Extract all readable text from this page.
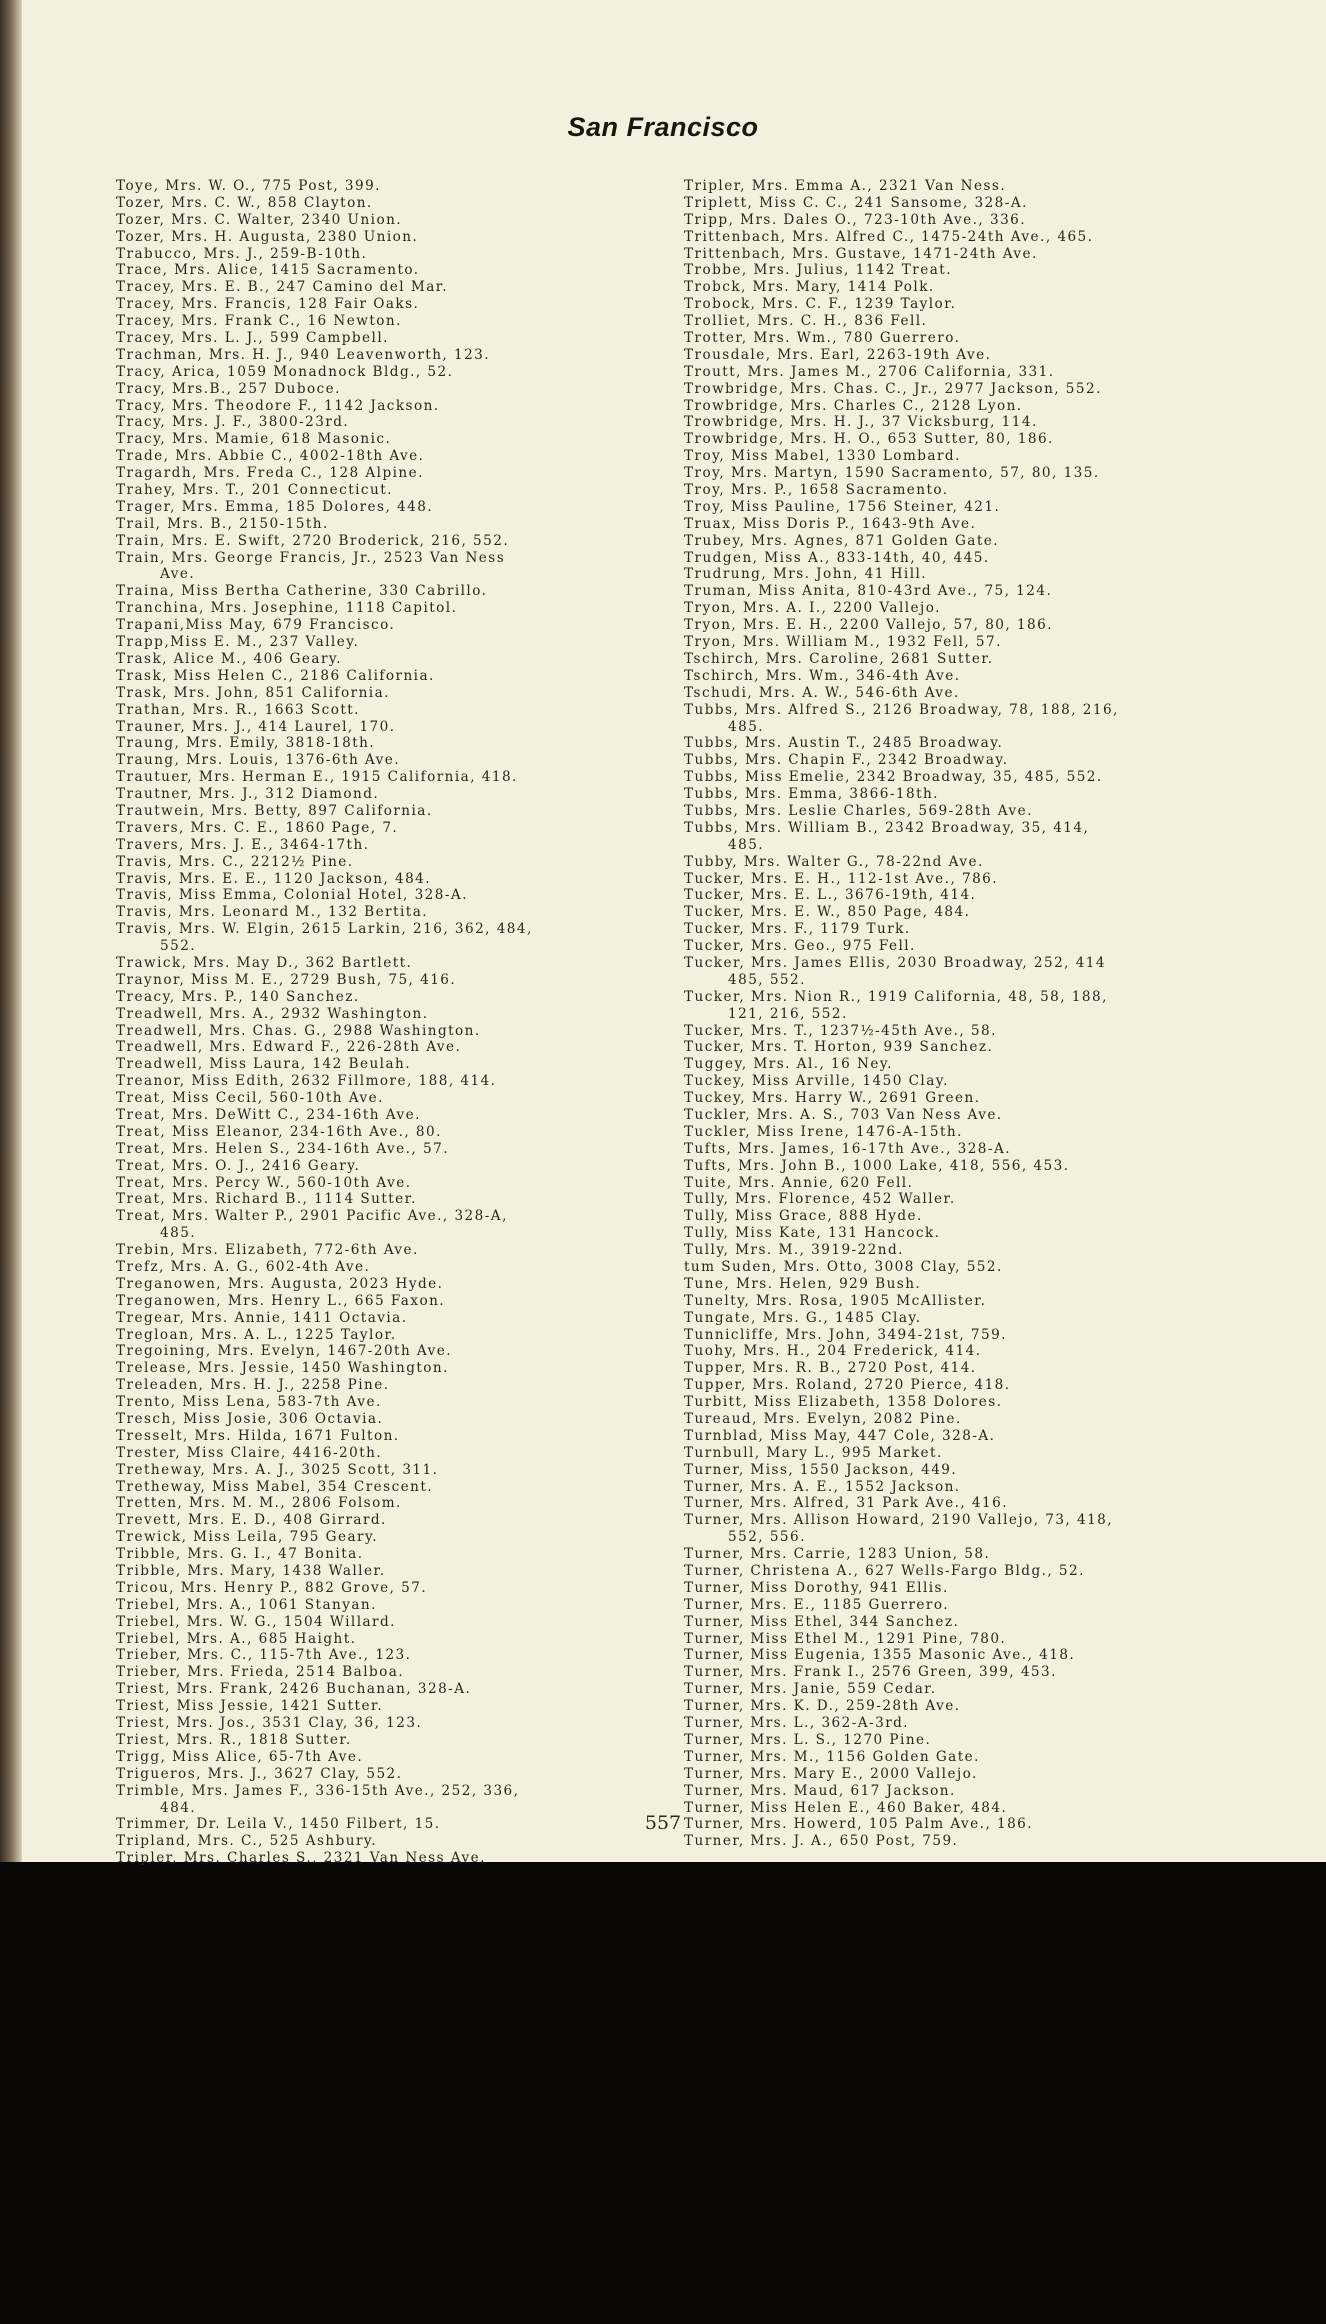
San Francisco
Toye, Mrs. W. O., 775 Post, 399.
Tozer, Mrs. C. W., 858 Clayton.
Tozer, Mrs. C. Walter, 2340 Union.
Tozer, Mrs. H. Augusta, 2380 Union.
Trabucco, Mrs. J., 259-B-10th.
Trace, Mrs. Alice, 1415 Sacramento.
Tracey, Mrs. E. B., 247 Camino del Mar.
Tracey, Mrs. Francis, 128 Fair Oaks.
Tracey, Mrs. Frank C., 16 Newton.
Tracey, Mrs. L. J., 599 Campbell.
Trachman, Mrs. H. J., 940 Leavenworth, 123.
Tracy, Arica, 1059 Monadnock Bldg., 52.
Tracy, Mrs.B., 257 Duboce.
Tracy, Mrs. Theodore F., 1142 Jackson.
Tracy, Mrs. J. F., 3800-23rd.
Tracy, Mrs. Mamie, 618 Masonic.
Trade, Mrs. Abbie C., 4002-18th Ave.
Tragardh, Mrs. Freda C., 128 Alpine.
Trahey, Mrs. T., 201 Connecticut.
Trager, Mrs. Emma, 185 Dolores, 448.
Trail, Mrs. B., 2150-15th.
Train, Mrs. E. Swift, 2720 Broderick, 216, 552.
Train, Mrs. George Francis, Jr., 2523 Van Ness
Ave.
Traina, Miss Bertha Catherine, 330 Cabrillo.
Tranchina, Mrs. Josephine, 1118 Capitol.
Trapani,Miss May, 679 Francisco.
Trapp,Miss E. M., 237 Valley.
Trask, Alice M., 406 Geary.
Trask, Miss Helen C., 2186 California.
Trask, Mrs. John, 851 California.
Trathan, Mrs. R., 1663 Scott.
Trauner, Mrs. J., 414 Laurel, 170.
Traung, Mrs. Emily, 3818-18th.
Traung, Mrs. Louis, 1376-6th Ave.
Trautuer, Mrs. Herman E., 1915 California, 418.
Trautner, Mrs. J., 312 Diamond.
Trautwein, Mrs. Betty, 897 California.
Travers, Mrs. C. E., 1860 Page, 7.
Travers, Mrs. J. E., 3464-17th.
Travis, Mrs. C., 2212½ Pine.
Travis, Mrs. E. E., 1120 Jackson, 484.
Travis, Miss Emma, Colonial Hotel, 328-A.
Travis, Mrs. Leonard M., 132 Bertita.
Travis, Mrs. W. Elgin, 2615 Larkin, 216, 362, 484,
552.
Trawick, Mrs. May D., 362 Bartlett.
Traynor, Miss M. E., 2729 Bush, 75, 416.
Treacy, Mrs. P., 140 Sanchez.
Treadwell, Mrs. A., 2932 Washington.
Treadwell, Mrs. Chas. G., 2988 Washington.
Treadwell, Mrs. Edward F., 226-28th Ave.
Treadwell, Miss Laura, 142 Beulah.
Treanor, Miss Edith, 2632 Fillmore, 188, 414.
Treat, Miss Cecil, 560-10th Ave.
Treat, Mrs. DeWitt C., 234-16th Ave.
Treat, Miss Eleanor, 234-16th Ave., 80.
Treat, Mrs. Helen S., 234-16th Ave., 57.
Treat, Mrs. O. J., 2416 Geary.
Treat, Mrs. Percy W., 560-10th Ave.
Treat, Mrs. Richard B., 1114 Sutter.
Treat, Mrs. Walter P., 2901 Pacific Ave., 328-A,
485.
Trebin, Mrs. Elizabeth, 772-6th Ave.
Trefz, Mrs. A. G., 602-4th Ave.
Treganowen, Mrs. Augusta, 2023 Hyde.
Treganowen, Mrs. Henry L., 665 Faxon.
Tregear, Mrs. Annie, 1411 Octavia.
Tregloan, Mrs. A. L., 1225 Taylor.
Tregoining, Mrs. Evelyn, 1467-20th Ave.
Trelease, Mrs. Jessie, 1450 Washington.
Treleaden, Mrs. H. J., 2258 Pine.
Trento, Miss Lena, 583-7th Ave.
Tresch, Miss Josie, 306 Octavia.
Tresselt, Mrs. Hilda, 1671 Fulton.
Trester, Miss Claire, 4416-20th.
Tretheway, Mrs. A. J., 3025 Scott, 311.
Tretheway, Miss Mabel, 354 Crescent.
Tretten, Mrs. M. M., 2806 Folsom.
Trevett, Mrs. E. D., 408 Girrard.
Trewick, Miss Leila, 795 Geary.
Tribble, Mrs. G. I., 47 Bonita.
Tribble, Mrs. Mary, 1438 Waller.
Tricou, Mrs. Henry P., 882 Grove, 57.
Triebel, Mrs. A., 1061 Stanyan.
Triebel, Mrs. W. G., 1504 Willard.
Triebel, Mrs. A., 685 Haight.
Trieber, Mrs. C., 115-7th Ave., 123.
Trieber, Mrs. Frieda, 2514 Balboa.
Triest, Mrs. Frank, 2426 Buchanan, 328-A.
Triest, Miss Jessie, 1421 Sutter.
Triest, Mrs. Jos., 3531 Clay, 36, 123.
Triest, Mrs. R., 1818 Sutter.
Trigg, Miss Alice, 65-7th Ave.
Trigueros, Mrs. J., 3627 Clay, 552.
Trimble, Mrs. James F., 336-15th Ave., 252, 336,
484.
Trimmer, Dr. Leila V., 1450 Filbert, 15.
Tripland, Mrs. C., 525 Ashbury.
Tripler, Mrs. Charles S., 2321 Van Ness Ave.
Tripler, Mrs. Emma A., 2321 Van Ness.
Triplett, Miss C. C., 241 Sansome, 328-A.
Tripp, Mrs. Dales O., 723-10th Ave., 336.
Trittenbach, Mrs. Alfred C., 1475-24th Ave., 465.
Trittenbach, Mrs. Gustave, 1471-24th Ave.
Trobbe, Mrs. Julius, 1142 Treat.
Trobck, Mrs. Mary, 1414 Polk.
Trobock, Mrs. C. F., 1239 Taylor.
Trolliet, Mrs. C. H., 836 Fell.
Trotter, Mrs. Wm., 780 Guerrero.
Trousdale, Mrs. Earl, 2263-19th Ave.
Troutt, Mrs. James M., 2706 California, 331.
Trowbridge, Mrs. Chas. C., Jr., 2977 Jackson, 552.
Trowbridge, Mrs. Charles C., 2128 Lyon.
Trowbridge, Mrs. H. J., 37 Vicksburg, 114.
Trowbridge, Mrs. H. O., 653 Sutter, 80, 186.
Troy, Miss Mabel, 1330 Lombard.
Troy, Mrs. Martyn, 1590 Sacramento, 57, 80, 135.
Troy, Mrs. P., 1658 Sacramento.
Troy, Miss Pauline, 1756 Steiner, 421.
Truax, Miss Doris P., 1643-9th Ave.
Trubey, Mrs. Agnes, 871 Golden Gate.
Trudgen, Miss A., 833-14th, 40, 445.
Trudrung, Mrs. John, 41 Hill.
Truman, Miss Anita, 810-43rd Ave., 75, 124.
Tryon, Mrs. A. I., 2200 Vallejo.
Tryon, Mrs. E. H., 2200 Vallejo, 57, 80, 186.
Tryon, Mrs. William M., 1932 Fell, 57.
Tschirch, Mrs. Caroline, 2681 Sutter.
Tschirch, Mrs. Wm., 346-4th Ave.
Tschudi, Mrs. A. W., 546-6th Ave.
Tubbs, Mrs. Alfred S., 2126 Broadway, 78, 188, 216,
485.
Tubbs, Mrs. Austin T., 2485 Broadway.
Tubbs, Mrs. Chapin F., 2342 Broadway.
Tubbs, Miss Emelie, 2342 Broadway, 35, 485, 552.
Tubbs, Mrs. Emma, 3866-18th.
Tubbs, Mrs. Leslie Charles, 569-28th Ave.
Tubbs, Mrs. William B., 2342 Broadway, 35, 414,
485.
Tubby, Mrs. Walter G., 78-22nd Ave.
Tucker, Mrs. E. H., 112-1st Ave., 786.
Tucker, Mrs. E. L., 3676-19th, 414.
Tucker, Mrs. E. W., 850 Page, 484.
Tucker, Mrs. F., 1179 Turk.
Tucker, Mrs. Geo., 975 Fell.
Tucker, Mrs. James Ellis, 2030 Broadway, 252, 414
485, 552.
Tucker, Mrs. Nion R., 1919 California, 48, 58, 188,
121, 216, 552.
Tucker, Mrs. T., 1237½-45th Ave., 58.
Tucker, Mrs. T. Horton, 939 Sanchez.
Tuggey, Mrs. Al., 16 Ney.
Tuckey, Miss Arville, 1450 Clay.
Tuckey, Mrs. Harry W., 2691 Green.
Tuckler, Mrs. A. S., 703 Van Ness Ave.
Tuckler, Miss Irene, 1476-A-15th.
Tufts, Mrs. James, 16-17th Ave., 328-A.
Tufts, Mrs. John B., 1000 Lake, 418, 556, 453.
Tuite, Mrs. Annie, 620 Fell.
Tully, Mrs. Florence, 452 Waller.
Tully, Miss Grace, 888 Hyde.
Tully, Miss Kate, 131 Hancock.
Tully, Mrs. M., 3919-22nd.
tum Suden, Mrs. Otto, 3008 Clay, 552.
Tune, Mrs. Helen, 929 Bush.
Tunelty, Mrs. Rosa, 1905 McAllister.
Tungate, Mrs. G., 1485 Clay.
Tunnicliffe, Mrs. John, 3494-21st, 759.
Tuohy, Mrs. H., 204 Frederick, 414.
Tupper, Mrs. R. B., 2720 Post, 414.
Tupper, Mrs. Roland, 2720 Pierce, 418.
Turbitt, Miss Elizabeth, 1358 Dolores.
Tureaud, Mrs. Evelyn, 2082 Pine.
Turnblad, Miss May, 447 Cole, 328-A.
Turnbull, Mary L., 995 Market.
Turner, Miss, 1550 Jackson, 449.
Turner, Mrs. A. E., 1552 Jackson.
Turner, Mrs. Alfred, 31 Park Ave., 416.
Turner, Mrs. Allison Howard, 2190 Vallejo, 73, 418,
552, 556.
Turner, Mrs. Carrie, 1283 Union, 58.
Turner, Christena A., 627 Wells-Fargo Bldg., 52.
Turner, Miss Dorothy, 941 Ellis.
Turner, Mrs. E., 1185 Guerrero.
Turner, Miss Ethel, 344 Sanchez.
Turner, Miss Ethel M., 1291 Pine, 780.
Turner, Miss Eugenia, 1355 Masonic Ave., 418.
Turner, Mrs. Frank I., 2576 Green, 399, 453.
Turner, Mrs. Janie, 559 Cedar.
Turner, Mrs. K. D., 259-28th Ave.
Turner, Mrs. L., 362-A-3rd.
Turner, Mrs. L. S., 1270 Pine.
Turner, Mrs. M., 1156 Golden Gate.
Turner, Mrs. Mary E., 2000 Vallejo.
Turner, Mrs. Maud, 617 Jackson.
Turner, Miss Helen E., 460 Baker, 484.
Turner, Mrs. Howerd, 105 Palm Ave., 186.
Turner, Mrs. J. A., 650 Post, 759.
557
